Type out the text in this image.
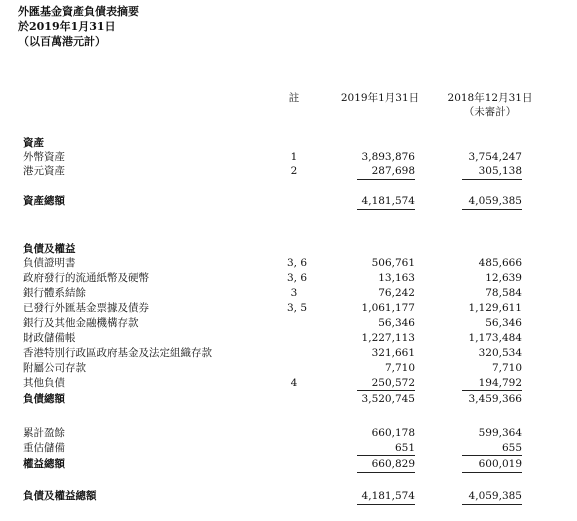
外匯基金資產負債表摘要
於2019年1月31日
（以百萬港元計）
註	2019年1月31日	2018年12月31日
（未審計）
資產
外幣資產	1	3,893,876	3,754,247
港元資產	2	287,698	305,138
資產總額	4,181,574	4,059,385
負債及權益
負債證明書	3, 6	506,761	485,666
政府發行的流通紙幣及硬幣	3, 6	13,163	12,639
銀行體系結餘	3	76,242	78,584
已發行外匯基金票據及債券	3, 5	1,061,177	1,129,611
銀行及其他金融機構存款	56,346	56,346
財政儲備帳	1,227,113	1,173,484
香港特別行政區政府基金及法定組織存款	321,661	320,534
附屬公司存款	7,710	7,710
其他負債	4	250,572	194,792
負債總額	3,520,745	3,459,366
累計盈餘	660,178	599,364
重估儲備	651	655
權益總額	660,829	600,019
負債及權益總額	4,181,574	4,059,385
